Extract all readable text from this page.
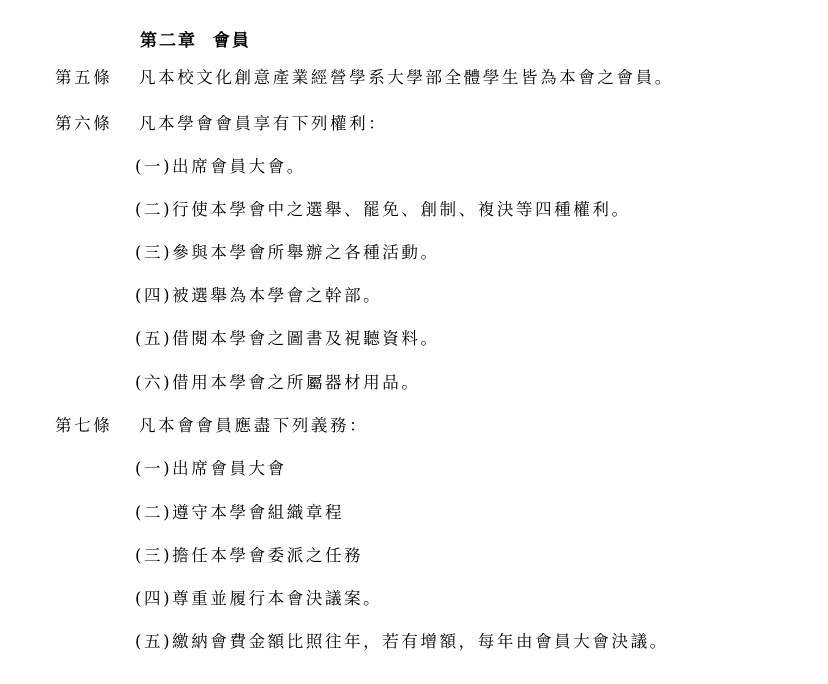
第二章  會員
第五條 凡本校文化創意產業經營學系大學部全體學生皆為本會之會員。
第六條 凡本學會會員享有下列權利：
(一)出席會員大會。
(二)行使本學會中之選舉、罷免、創制、複決等四種權利。
(三)參與本學會所舉辦之各種活動。
(四)被選舉為本學會之幹部。
(五)借閱本學會之圖書及視聽資料。
(六)借用本學會之所屬器材用品。
第七條 凡本會會員應盡下列義務：
(一)出席會員大會
(二)遵守本學會組織章程
(三)擔任本學會委派之任務
(四)尊重並履行本會決議案。
(五)繳納會費金額比照往年，若有增額，每年由會員大會決議。
